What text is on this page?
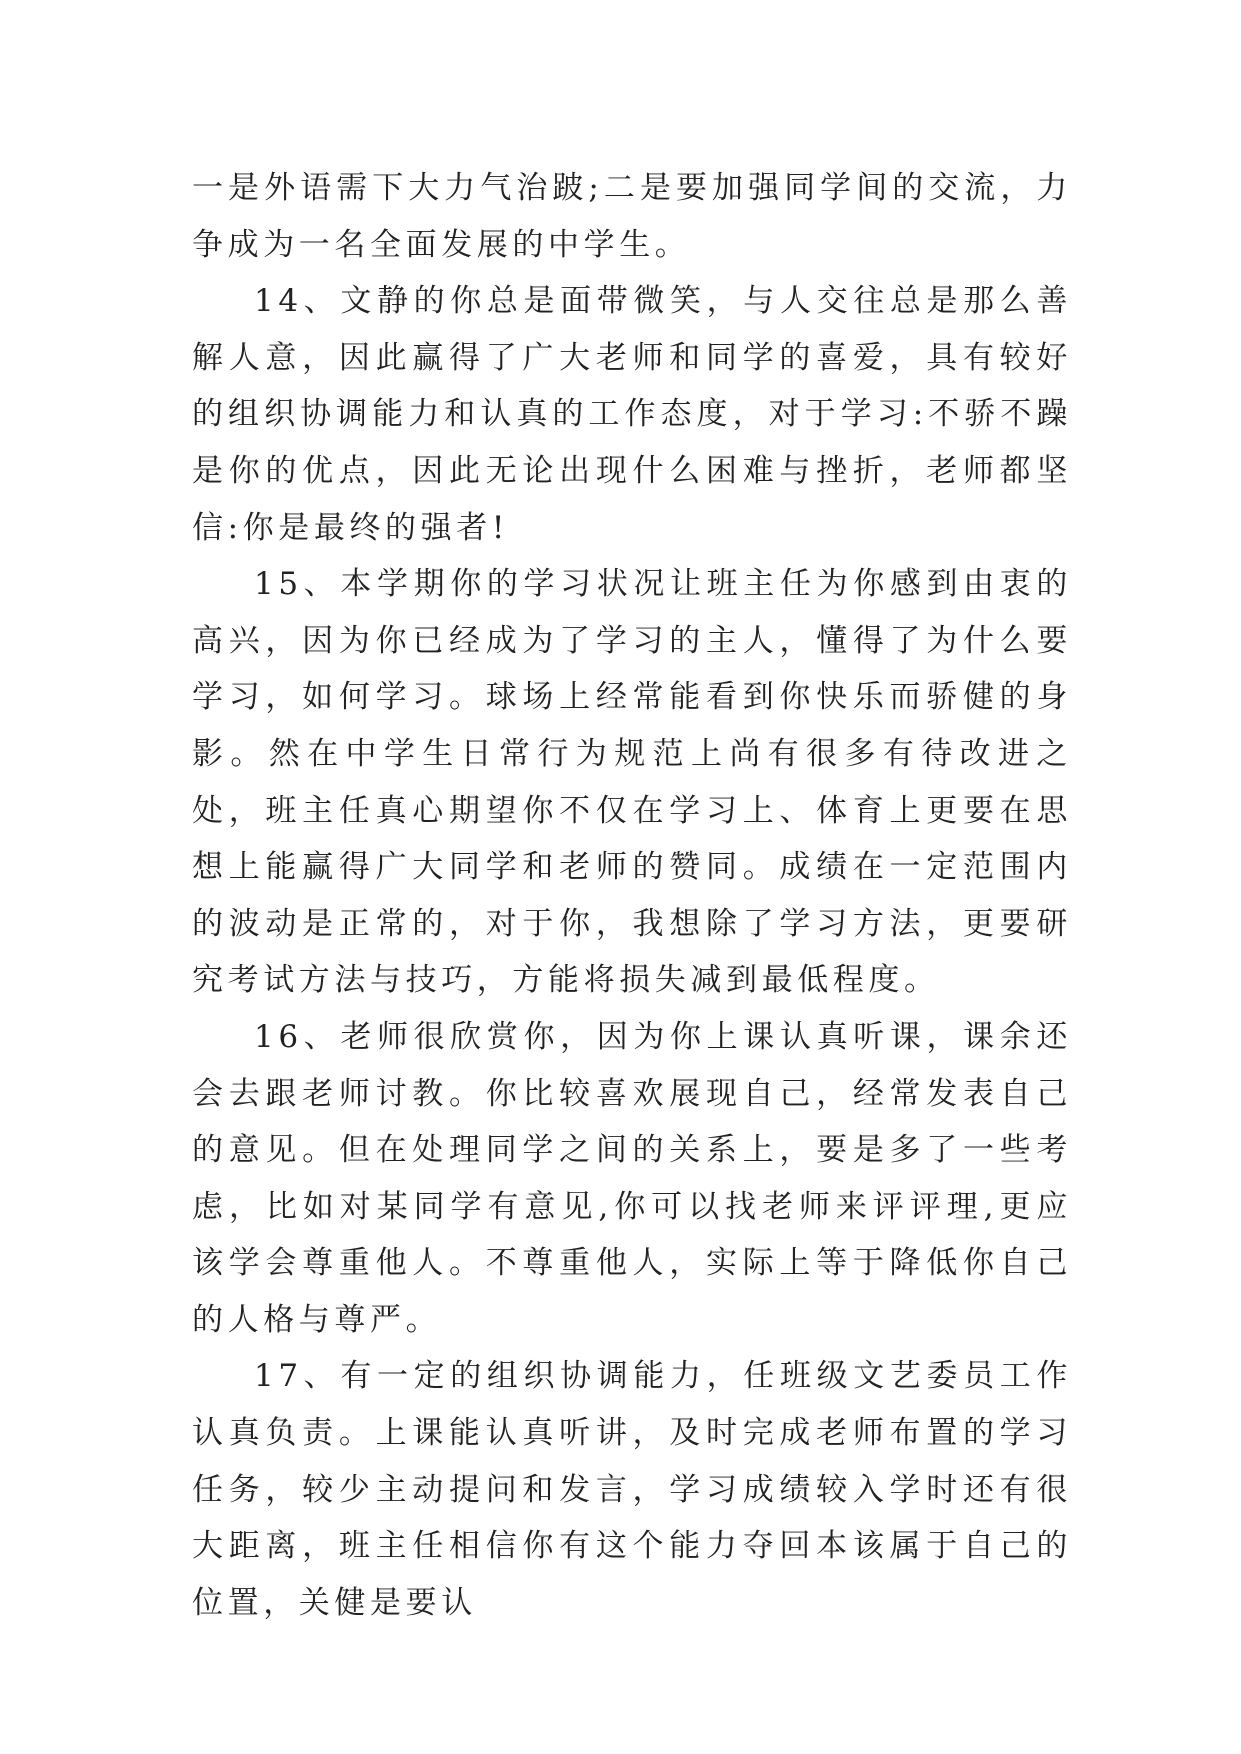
一是外语需下大力气治跛;二是要加强同学间的交流，力争成为一名全面发展的中学生。

14、文静的你总是面带微笑，与人交往总是那么善解人意，因此赢得了广大老师和同学的喜爱，具有较好的组织协调能力和认真的工作态度，对于学习:不骄不躁是你的优点，因此无论出现什么困难与挫折，老师都坚信:你是最终的强者!

15、本学期你的学习状况让班主任为你感到由衷的高兴，因为你已经成为了学习的主人，懂得了为什么要学习，如何学习。球场上经常能看到你快乐而骄健的身影。然在中学生日常行为规范上尚有很多有待改进之处，班主任真心期望你不仅在学习上、体育上更要在思想上能赢得广大同学和老师的赞同。成绩在一定范围内的波动是正常的，对于你，我想除了学习方法，更要研究考试方法与技巧，方能将损失减到最低程度。

16、老师很欣赏你，因为你上课认真听课，课余还会去跟老师讨教。你比较喜欢展现自己，经常发表自己的意见。但在处理同学之间的关系上，要是多了一些考虑，比如对某同学有意见,你可以找老师来评评理,更应该学会尊重他人。不尊重他人，实际上等于降低你自己的人格与尊严。

17、有一定的组织协调能力，任班级文艺委员工作认真负责。上课能认真听讲，及时完成老师布置的学习任务，较少主动提问和发言，学习成绩较入学时还有很大距离，班主任相信你有这个能力夺回本该属于自己的位置，关健是要认
